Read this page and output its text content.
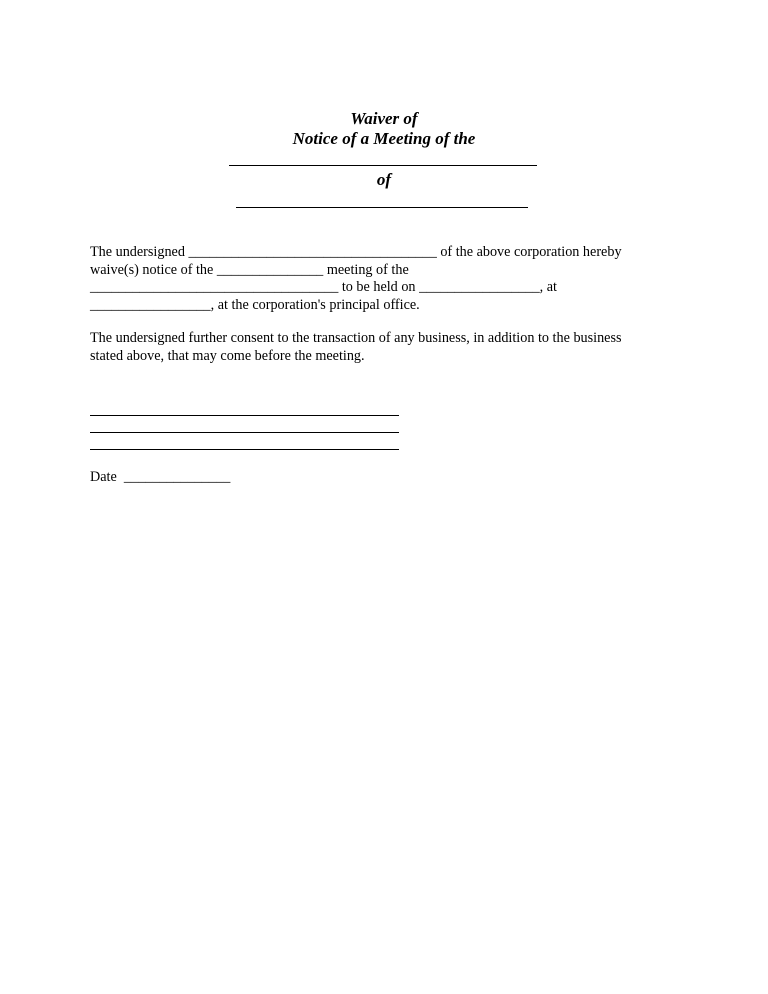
Waiver of
Notice of a Meeting of the
of
The undersigned ___________________________________ of the above corporation hereby
waive(s) notice of the _______________ meeting of the
___________________________________ to be held on _________________, at
_________________, at the corporation's principal office.
The undersigned further consent to the transaction of any business, in addition to the business
stated above, that may come before the meeting.
Date _______________
